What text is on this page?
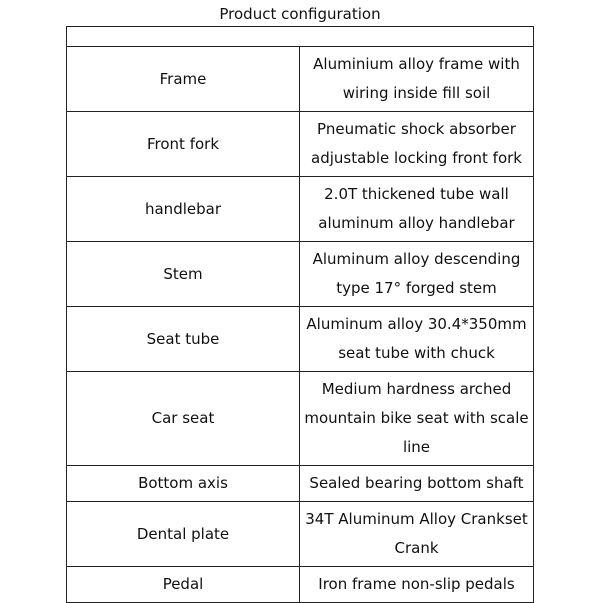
Product configuration

Frame	Aluminium alloy frame with wiring inside fill soil
Front fork	Pneumatic shock absorber adjustable locking front fork
handlebar	2.0T thickened tube wall aluminum alloy handlebar
Stem	Aluminum alloy descending type 17° forged stem
Seat tube	Aluminum alloy 30.4*350mm seat tube with chuck
Car seat	Medium hardness arched mountain bike seat with scale line
Bottom axis	Sealed bearing bottom shaft
Dental plate	34T Aluminum Alloy Crankset Crank
Pedal	Iron frame non-slip pedals
